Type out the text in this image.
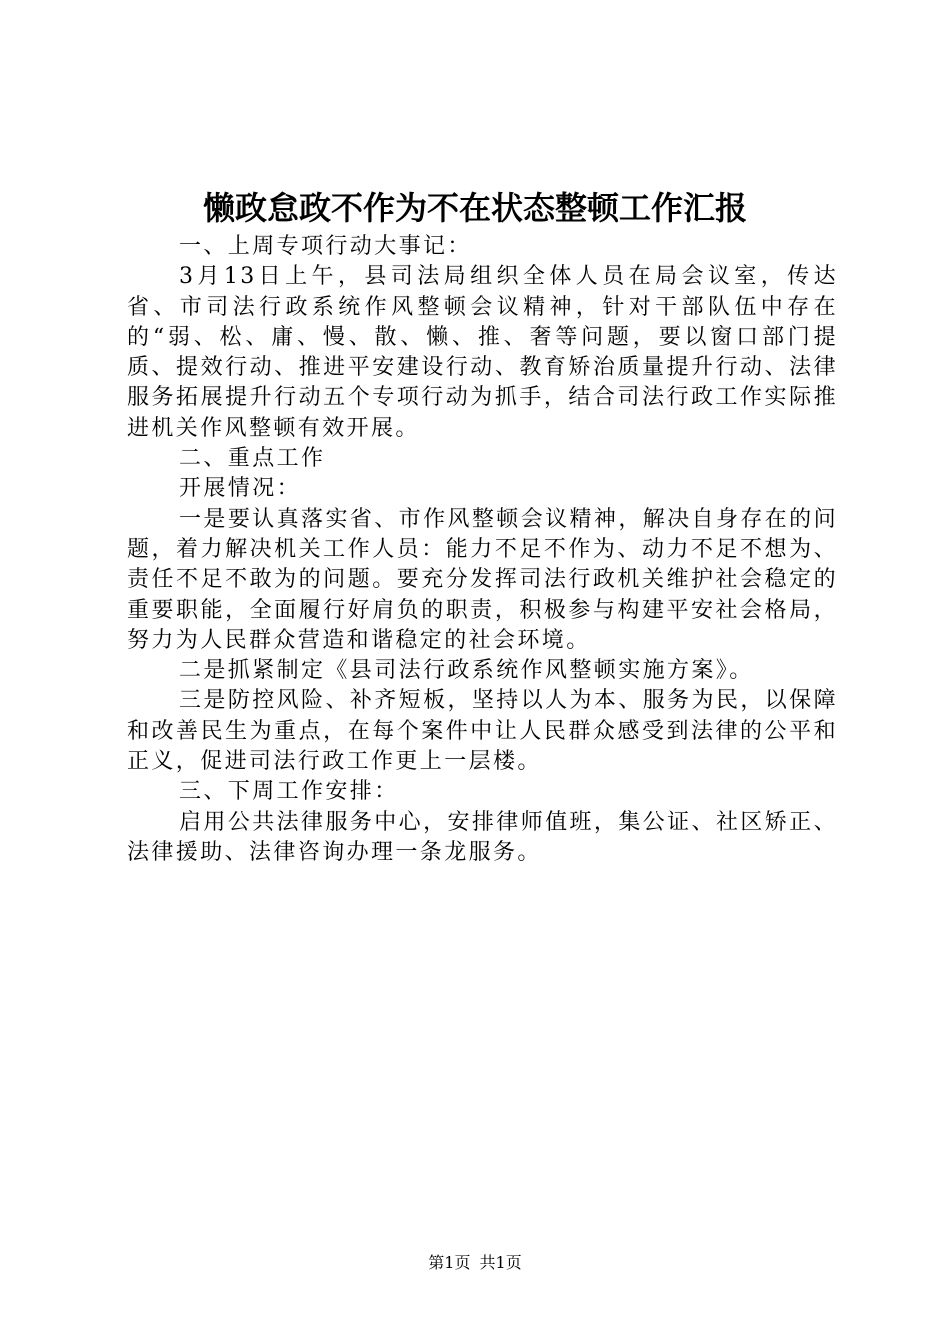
懒政怠政不作为不在状态整顿工作汇报

一、上周专项行动大事记：

3月13日上午，县司法局组织全体人员在局会议室，传达省、市司法行政系统作风整顿会议精神，针对干部队伍中存在的“弱、松、庸、慢、散、懒、推、奢等问题，要以窗口部门提质、提效行动、推进平安建设行动、教育矫治质量提升行动、法律服务拓展提升行动五个专项行动为抓手，结合司法行政工作实际推进机关作风整顿有效开展。

二、重点工作

开展情况：

一是要认真落实省、市作风整顿会议精神，解决自身存在的问题，着力解决机关工作人员：能力不足不作为、动力不足不想为、责任不足不敢为的问题。要充分发挥司法行政机关维护社会稳定的重要职能，全面履行好肩负的职责，积极参与构建平安社会格局，努力为人民群众营造和谐稳定的社会环境。

二是抓紧制定《县司法行政系统作风整顿实施方案》。

三是防控风险、补齐短板，坚持以人为本、服务为民，以保障和改善民生为重点，在每个案件中让人民群众感受到法律的公平和正义，促进司法行政工作更上一层楼。

三、下周工作安排：

启用公共法律服务中心，安排律师值班，集公证、社区矫正、法律援助、法律咨询办理一条龙服务。

第1页 共1页
